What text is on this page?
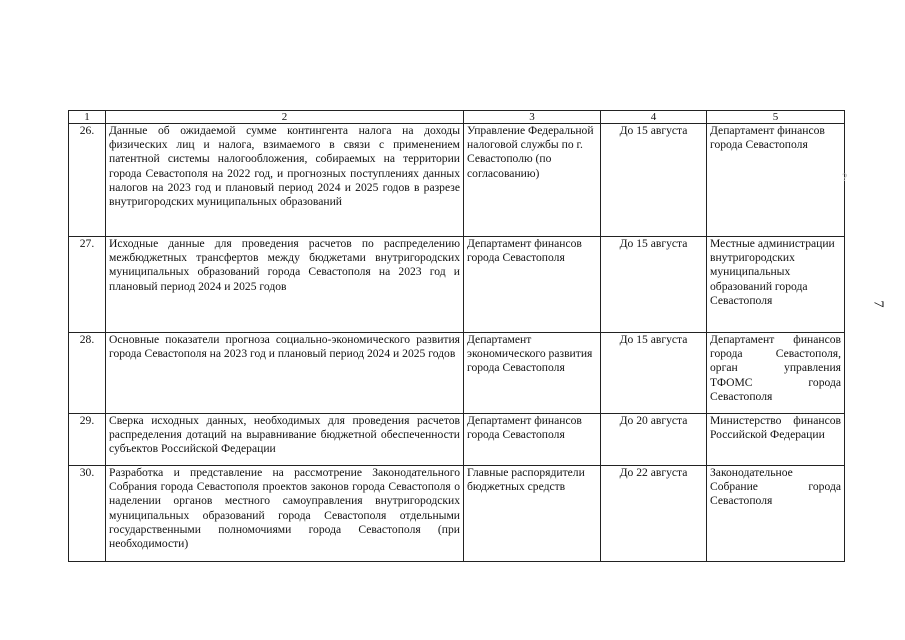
1	2	3	4	5
26.	Данные об ожидаемой сумме контингента налога на доходы физических лиц и налога, взимаемого в связи с применением патентной системы налогообложения, собираемых на территории города Севастополя на 2022 год, и прогнозных поступлениях данных налогов на 2023 год и плановый период 2024 и 2025 годов в разрезе внутригородских муниципальных образований	Управление Федеральной налоговой службы по г. Севастополю (по согласованию)	До 15 августа	Департамент финансов города Севастополя
27.	Исходные данные для проведения расчетов по распределению межбюджетных трансфертов между бюджетами внутригородских муниципальных образований города Севастополя на 2023 год и плановый период 2024 и 2025 годов	Департамент финансов города Севастополя	До 15 августа	Местные администрации внутригородских муниципальных образований города Севастополя
28.	Основные показатели прогноза социально-экономического развития города Севастополя на 2023 год и плановый период 2024 и 2025 годов	Департамент экономического развития города Севастополя	До 15 августа	Департамент финансов города Севастополя, орган управления ТФОМС города Севастополя
29.	Сверка исходных данных, необходимых для проведения расчетов распределения дотаций на выравнивание бюджетной обеспеченности субъектов Российской Федерации	Департамент финансов города Севастополя	До 20 августа	Министерство финансов Российской Федерации
30.	Разработка и представление на рассмотрение Законодательного Собрания города Севастополя проектов законов города Севастополя о наделении органов местного самоуправления внутригородских муниципальных образований города Севастополя отдельными государственными полномочиями города Севастополя (при необходимости)	Главные распорядители бюджетных средств	До 22 августа	Законодательное Собрание города Севастополя
?
7
